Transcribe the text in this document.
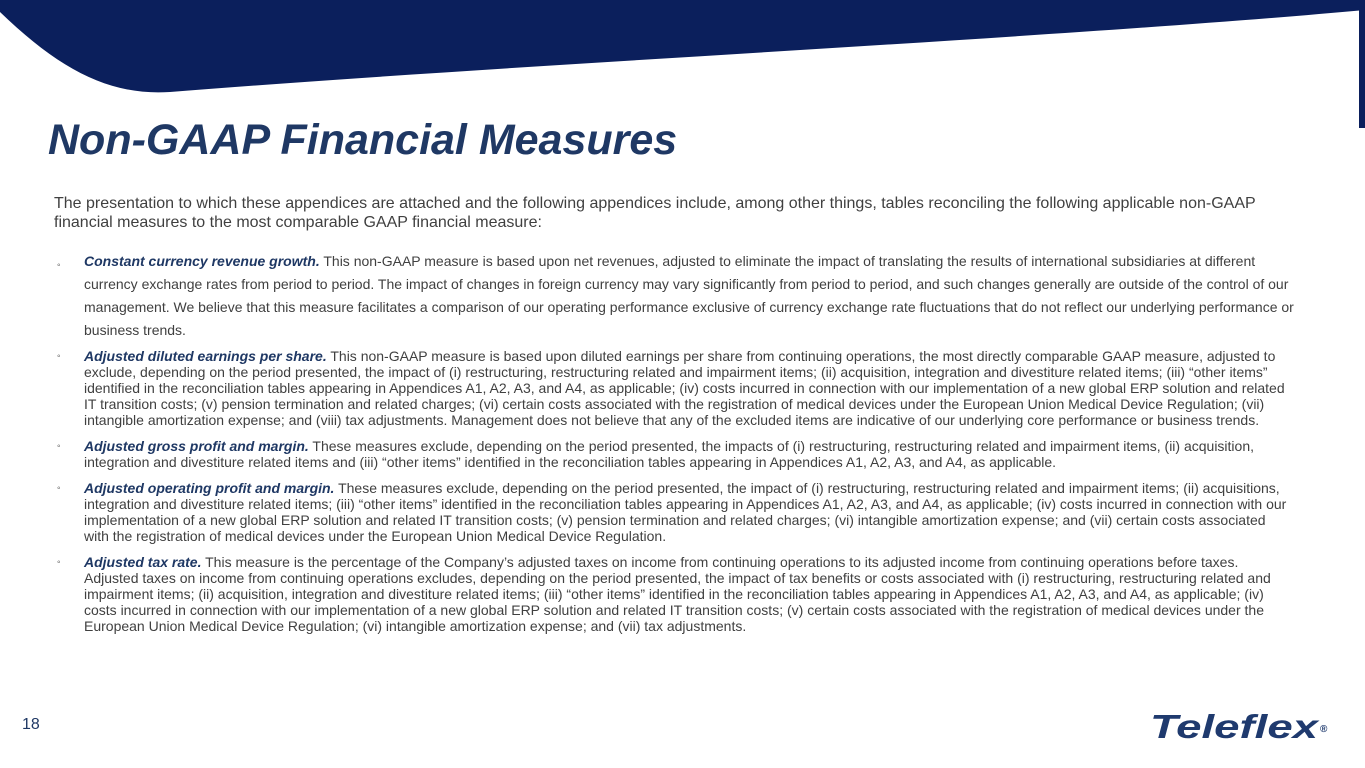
Non-GAAP Financial Measures

The presentation to which these appendices are attached and the following appendices include, among other things, tables reconciling the following applicable non-GAAP financial measures to the most comparable GAAP financial measure:

◦ Constant currency revenue growth. This non-GAAP measure is based upon net revenues, adjusted to eliminate the impact of translating the results of international subsidiaries at different currency exchange rates from period to period. The impact of changes in foreign currency may vary significantly from period to period, and such changes generally are outside of the control of our management. We believe that this measure facilitates a comparison of our operating performance exclusive of currency exchange rate fluctuations that do not reflect our underlying performance or business trends.
◦ Adjusted diluted earnings per share. This non-GAAP measure is based upon diluted earnings per share from continuing operations, the most directly comparable GAAP measure, adjusted to exclude, depending on the period presented, the impact of (i) restructuring, restructuring related and impairment items; (ii) acquisition, integration and divestiture related items; (iii) “other items” identified in the reconciliation tables appearing in Appendices A1, A2, A3, and A4, as applicable; (iv) costs incurred in connection with our implementation of a new global ERP solution and related IT transition costs; (v) pension termination and related charges; (vi) certain costs associated with the registration of medical devices under the European Union Medical Device Regulation; (vii) intangible amortization expense; and (viii) tax adjustments. Management does not believe that any of the excluded items are indicative of our underlying core performance or business trends.
◦ Adjusted gross profit and margin. These measures exclude, depending on the period presented, the impacts of (i) restructuring, restructuring related and impairment items, (ii) acquisition, integration and divestiture related items and (iii) “other items” identified in the reconciliation tables appearing in Appendices A1, A2, A3, and A4, as applicable.
◦ Adjusted operating profit and margin. These measures exclude, depending on the period presented, the impact of (i) restructuring, restructuring related and impairment items; (ii) acquisitions, integration and divestiture related items; (iii) “other items” identified in the reconciliation tables appearing in Appendices A1, A2, A3, and A4, as applicable; (iv) costs incurred in connection with our implementation of a new global ERP solution and related IT transition costs; (v) pension termination and related charges; (vi) intangible amortization expense; and (vii) certain costs associated with the registration of medical devices under the European Union Medical Device Regulation.
◦ Adjusted tax rate. This measure is the percentage of the Company’s adjusted taxes on income from continuing operations to its adjusted income from continuing operations before taxes. Adjusted taxes on income from continuing operations excludes, depending on the period presented, the impact of tax benefits or costs associated with (i) restructuring, restructuring related and impairment items; (ii) acquisition, integration and divestiture related items; (iii) “other items” identified in the reconciliation tables appearing in Appendices A1, A2, A3, and A4, as applicable; (iv) costs incurred in connection with our implementation of a new global ERP solution and related IT transition costs; (v) certain costs associated with the registration of medical devices under the European Union Medical Device Regulation; (vi) intangible amortization expense; and (vii) tax adjustments.
18	Teleflex ®
